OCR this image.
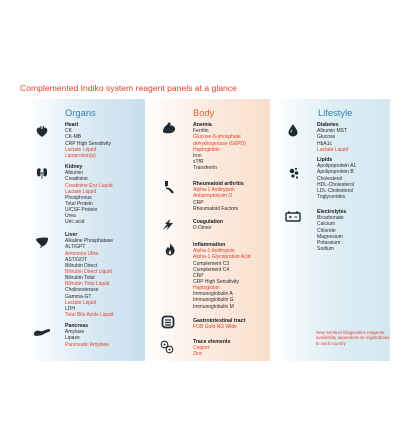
Complemented Indiko system reagent panels at a glance
Organs
Heart
CK
CK-MB
CRP High Sensitivity
Lactate Liquid
Lipoprotein(a)
Kidney
Albumin
Creatinine
Creatinine Enz Liquid
Lactate Liquid
Phosphorus
Total Protein
U/CSF Protein
Urea
Uric acid
Liver
Alkaline Phosphatase
ALT/GPT
Ammonia Ultra
AST/GOT
Bilirubin Direct
Bilirubin Direct Liquid
Bilirubin Total
Bilirubin Total Liquid
Cholinesterase
Gamma-GT
Lactate Liquid
LDH
Total Bile Acids Liquid
Pancreas
Amylase
Lipase
Pancreatic Amylase
Body
Anemia
Ferritin
Glucose-6-phosphate
dehydrogenase (G6PD)
Haptoglobin
Iron
sTfR
Transferrin
Rheumatoid arthritis
Alpha-1 Antitrypsin
Antistreptolysin O
CRP
Rheumatoid Factors
Coagulation
D-Dimer
Inflammation
Alpha-1 Antitrypsin
Alpha-1 Glycoprotein Acid
Complement C3
Complement C4
CRP
CRP High Sensitivity
Haptoglobin
Immunoglobulin A
Immunoglobulin G
Immunoglobulin M
Gastrointestinal tract
FOB Gold NG Wide
Trace elements
Copper
Zinc
Lifestyle
Diabetes
Albumin MST
Glucose
HbA1c
Lactate Liquid
Lipids
Apolipoprotein A1
Apolipoprotein B
Cholesterol
HDL-Cholesterol
LDL-Cholesterol
Triglycerides
Electrolytes
Bicarbonate
Calcium
Chloride
Magnesium
Potassium
Sodium
New Sentinel Diagnostics reagents, availability dependent on registrations in each country
